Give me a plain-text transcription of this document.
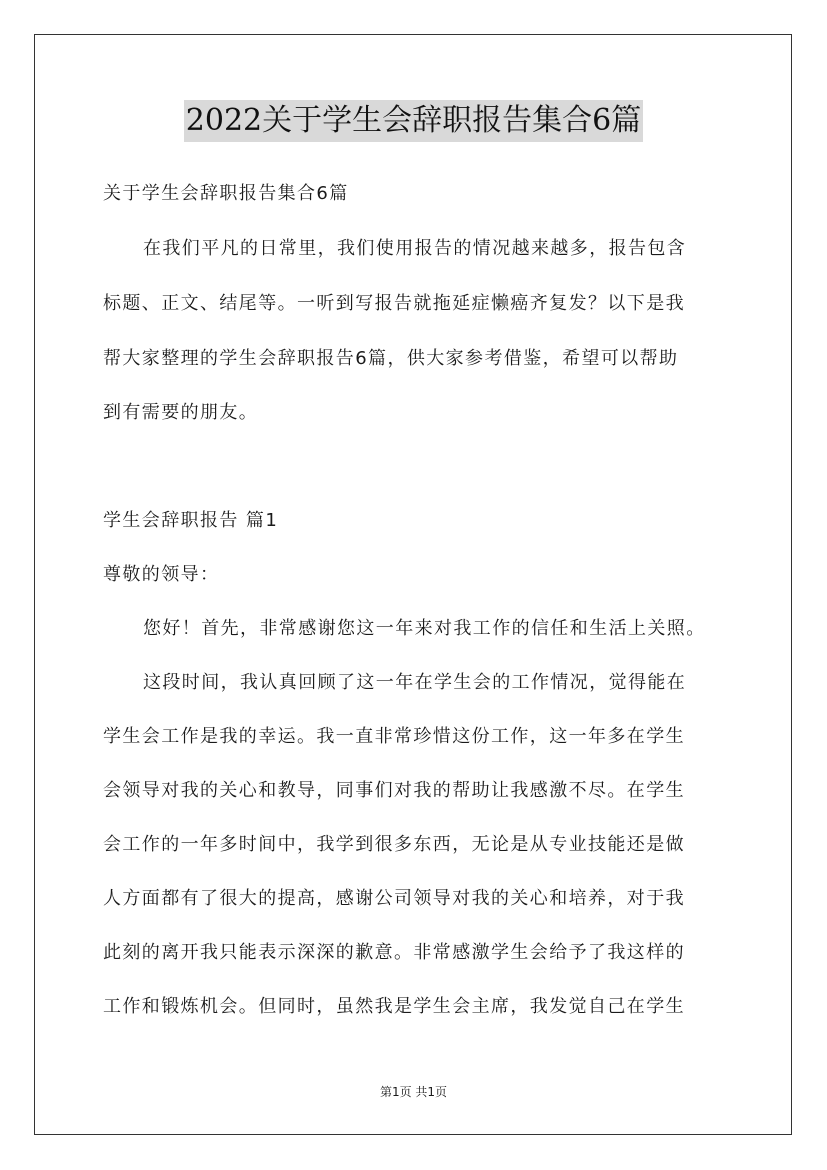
2022关于学生会辞职报告集合6篇
关于学生会辞职报告集合6篇
在我们平凡的日常里，我们使用报告的情况越来越多，报告包含
标题、正文、结尾等。一听到写报告就拖延症懒癌齐复发？以下是我
帮大家整理的学生会辞职报告6篇，供大家参考借鉴，希望可以帮助
到有需要的朋友。
学生会辞职报告 篇1
尊敬的领导：
您好！首先，非常感谢您这一年来对我工作的信任和生活上关照。
这段时间，我认真回顾了这一年在学生会的工作情况，觉得能在
学生会工作是我的幸运。我一直非常珍惜这份工作，这一年多在学生
会领导对我的关心和教导，同事们对我的帮助让我感激不尽。在学生
会工作的一年多时间中，我学到很多东西，无论是从专业技能还是做
人方面都有了很大的提高，感谢公司领导对我的关心和培养，对于我
此刻的离开我只能表示深深的歉意。非常感激学生会给予了我这样的
工作和锻炼机会。但同时，虽然我是学生会主席，我发觉自己在学生
第1页 共1页
